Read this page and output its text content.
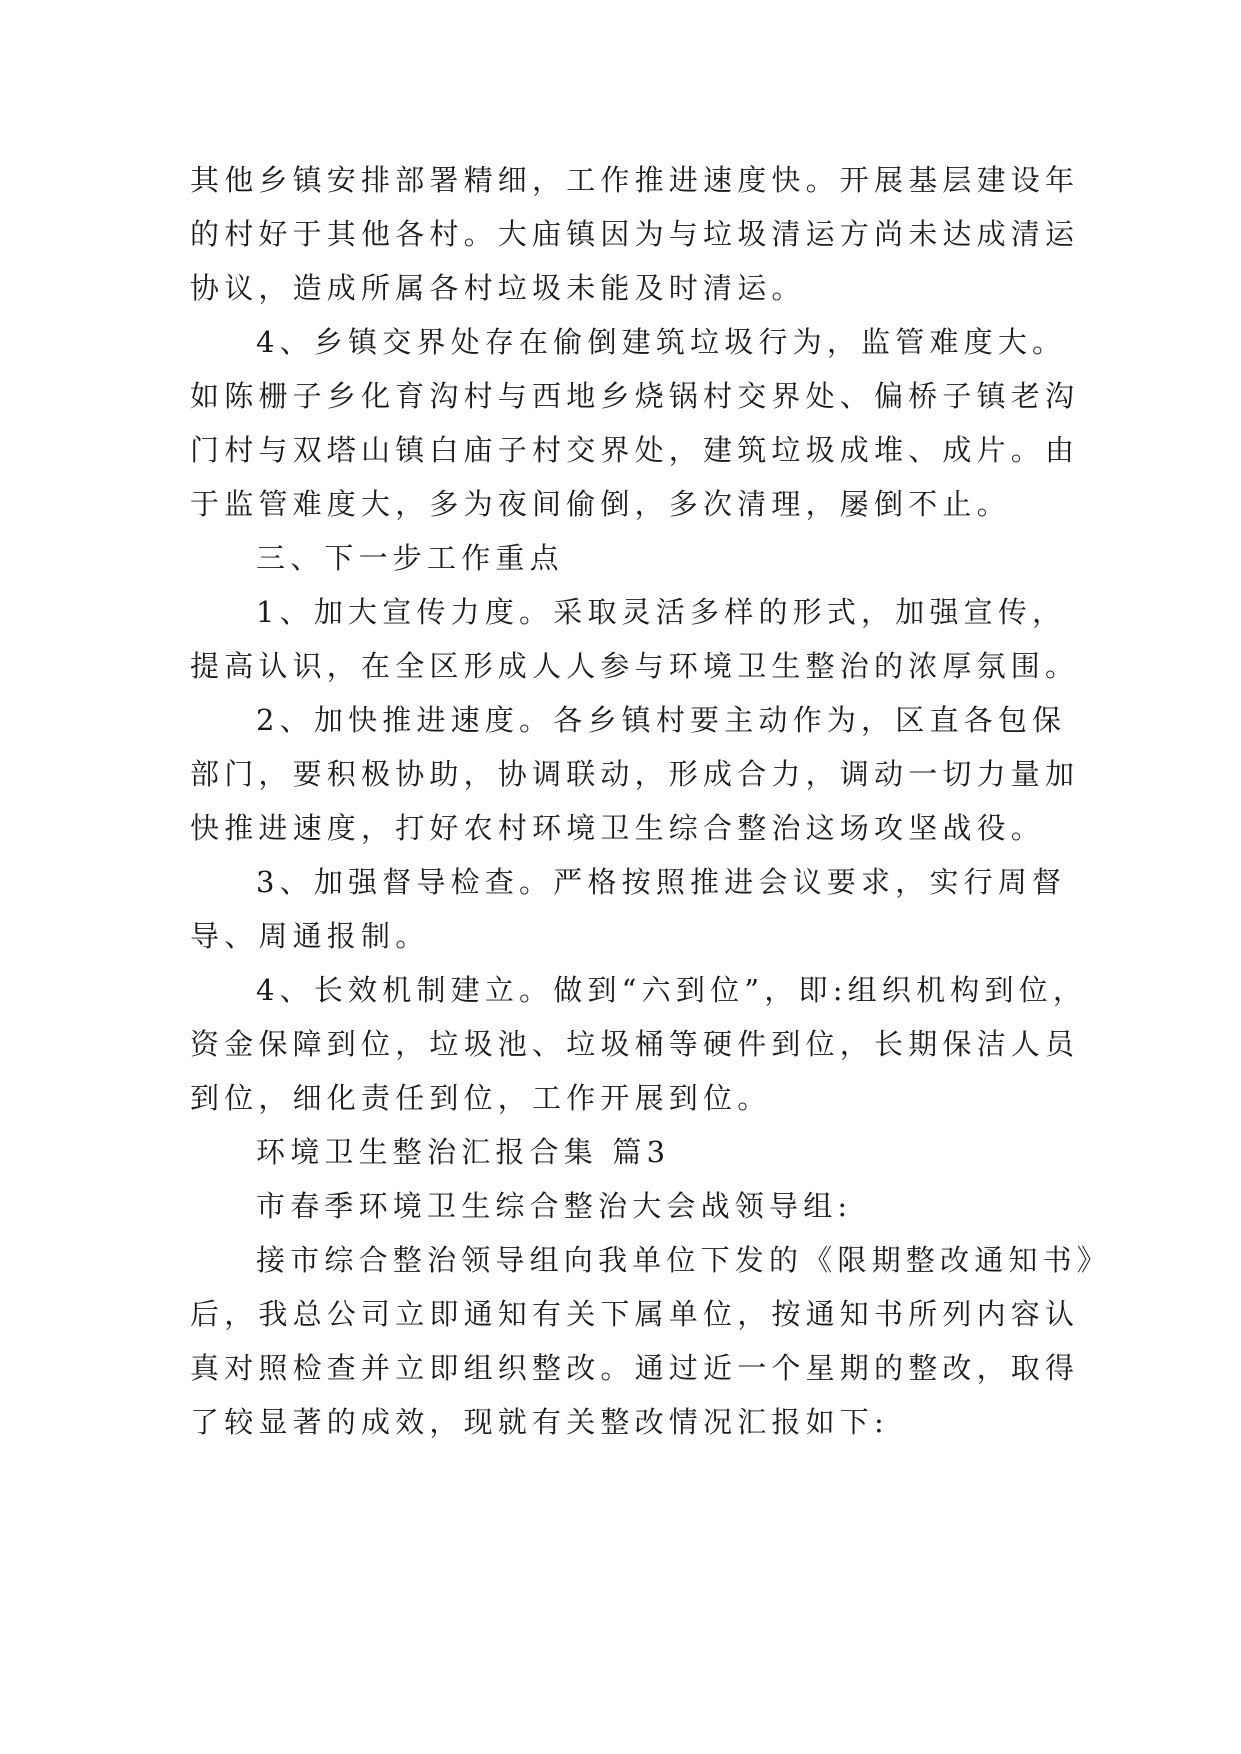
其他乡镇安排部署精细，工作推进速度快。开展基层建设年
的村好于其他各村。大庙镇因为与垃圾清运方尚未达成清运
协议，造成所属各村垃圾未能及时清运。
4、乡镇交界处存在偷倒建筑垃圾行为，监管难度大。
如陈栅子乡化育沟村与西地乡烧锅村交界处、偏桥子镇老沟
门村与双塔山镇白庙子村交界处，建筑垃圾成堆、成片。由
于监管难度大，多为夜间偷倒，多次清理，屡倒不止。
三、下一步工作重点
1、加大宣传力度。采取灵活多样的形式，加强宣传，
提高认识，在全区形成人人参与环境卫生整治的浓厚氛围。
2、加快推进速度。各乡镇村要主动作为，区直各包保
部门，要积极协助，协调联动，形成合力，调动一切力量加
快推进速度，打好农村环境卫生综合整治这场攻坚战役。
3、加强督导检查。严格按照推进会议要求，实行周督
导、周通报制。
4、长效机制建立。做到“六到位”，即:组织机构到位，
资金保障到位，垃圾池、垃圾桶等硬件到位，长期保洁人员
到位，细化责任到位，工作开展到位。
环境卫生整治汇报合集 篇3
市春季环境卫生综合整治大会战领导组:
接市综合整治领导组向我单位下发的《限期整改通知书》
后，我总公司立即通知有关下属单位，按通知书所列内容认
真对照检查并立即组织整改。通过近一个星期的整改，取得
了较显著的成效，现就有关整改情况汇报如下:
